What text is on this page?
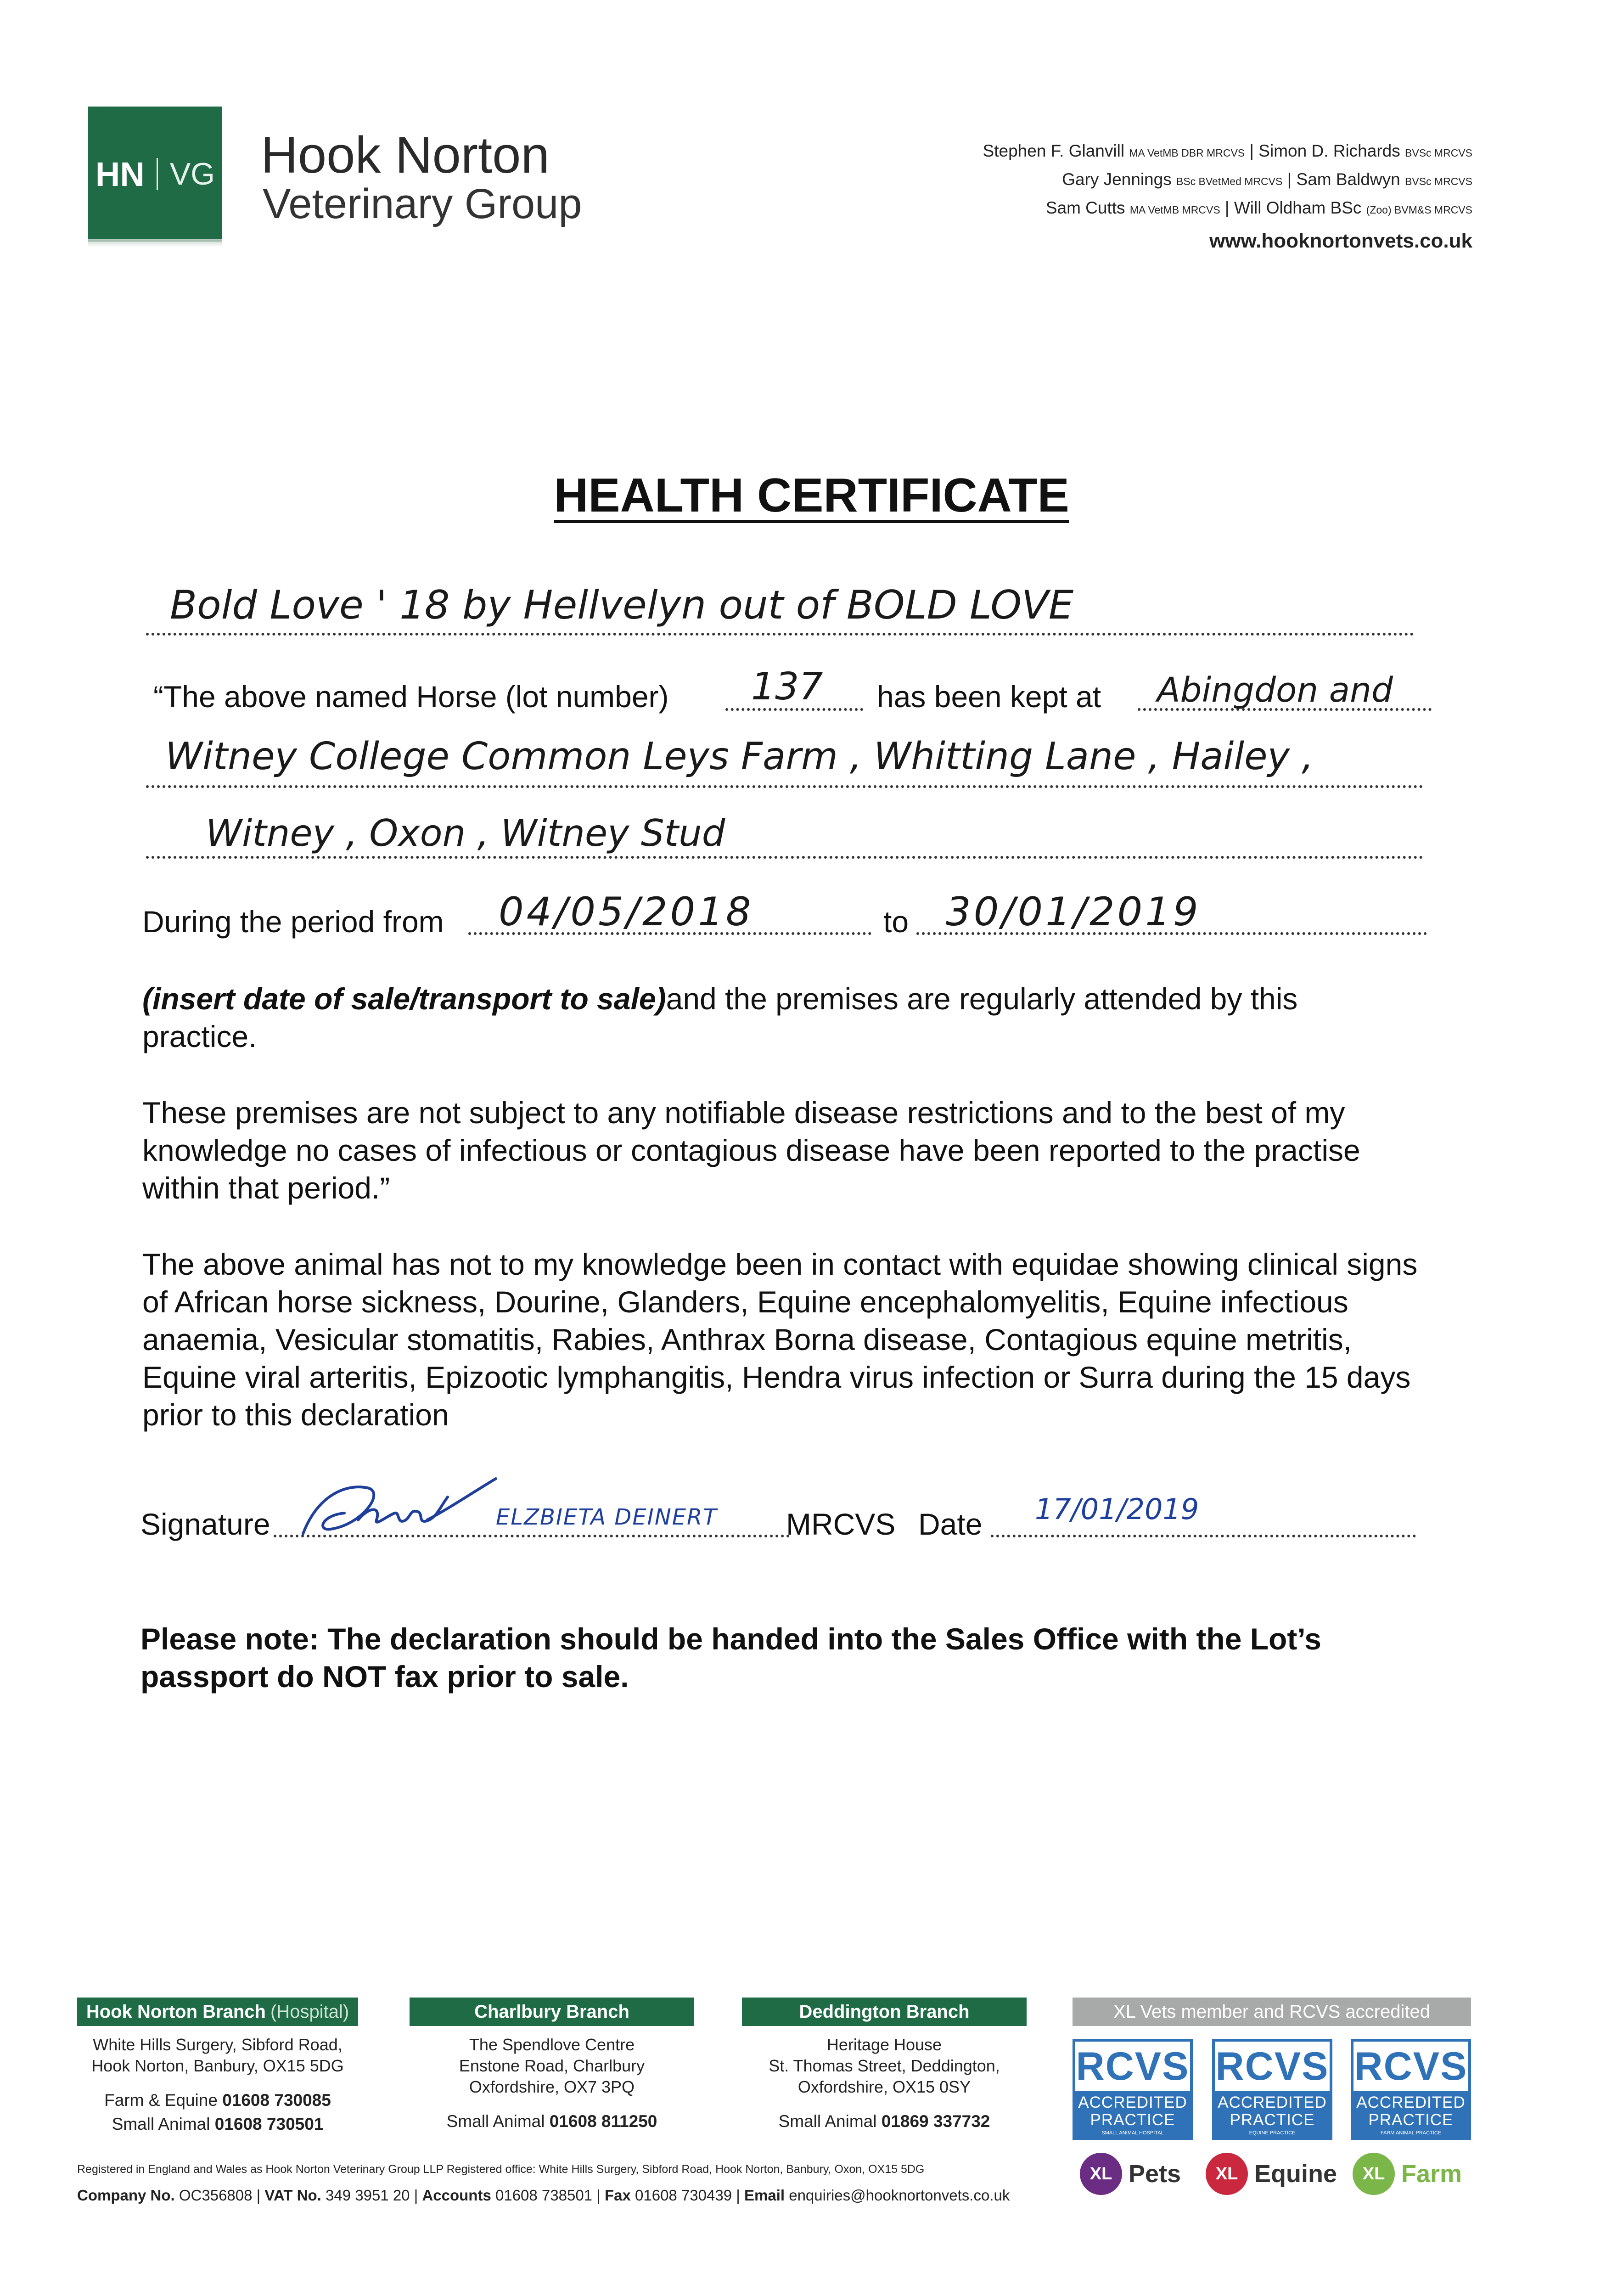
HN VG Hook Norton
Veterinary Group
Stephen F. Glanvill MA VetMB DBR MRCVS | Simon D. Richards BVSc MRCVS
Gary Jennings BSc BVetMed MRCVS | Sam Baldwyn BVSc MRCVS
Sam Cutts MA VetMB MRCVS | Will Oldham BSc (Zoo) BVM&S MRCVS
www.hooknortonvets.co.uk
HEALTH CERTIFICATE
Bold Love ' 18 by Hellvelyn out of BOLD LOVE
“The above named Horse (lot number) 137 has been kept at Abingdon and
Witney College Common Leys Farm , Whitting Lane , Hailey ,
Witney , Oxon , Witney Stud
During the period from 04/05/2018	to 30/01/2019
(insert date of sale/transport to sale)and the premises are regularly attended by this practice.
These premises are not subject to any notifiable disease restrictions and to the best of my knowledge no cases of infectious or contagious disease have been reported to the practise within that period.”
The above animal has not to my knowledge been in contact with equidae showing clinical signs of African horse sickness, Dourine, Glanders, Equine encephalomyelitis, Equine infectious anaemia, Vesicular stomatitis, Rabies, Anthrax Borna disease, Contagious equine metritis, Equine viral arteritis, Epizootic lymphangitis, Hendra virus infection or Surra during the 15 days prior to this declaration
Signature	ELZBIETA DEINERT MRCVS Date 17/01/2019
Please note: The declaration should be handed into the Sales Office with the Lot’s passport do NOT fax prior to sale.
Hook Norton Branch (Hospital)
White Hills Surgery, Sibford Road,
Hook Norton, Banbury, OX15 5DG
Farm & Equine 01608 730085
Small Animal 01608 730501
Charlbury Branch
The Spendlove Centre
Enstone Road, Charlbury
Oxfordshire, OX7 3PQ
Small Animal 01608 811250
Deddington Branch
Heritage House
St. Thomas Street, Deddington,
Oxfordshire, OX15 0SY
Small Animal 01869 337732
XL Vets member and RCVS accredited
RCVS
ACCREDITED
PRACTICE
SMALL ANIMAL HOSPITAL
RCVS
ACCREDITED
PRACTICE
EQUINE PRACTICE
RCVS
ACCREDITED
PRACTICE
FARM ANIMAL PRACTICE
XL Pets	XL Equine	XL Farm
Registered in England and Wales as Hook Norton Veterinary Group LLP Registered office: White Hills Surgery, Sibford Road, Hook Norton, Banbury, Oxon, OX15 5DG
Company No. OC356808 | VAT No. 349 3951 20 | Accounts 01608 738501 | Fax 01608 730439 | Email enquiries@hooknortonvets.co.uk
